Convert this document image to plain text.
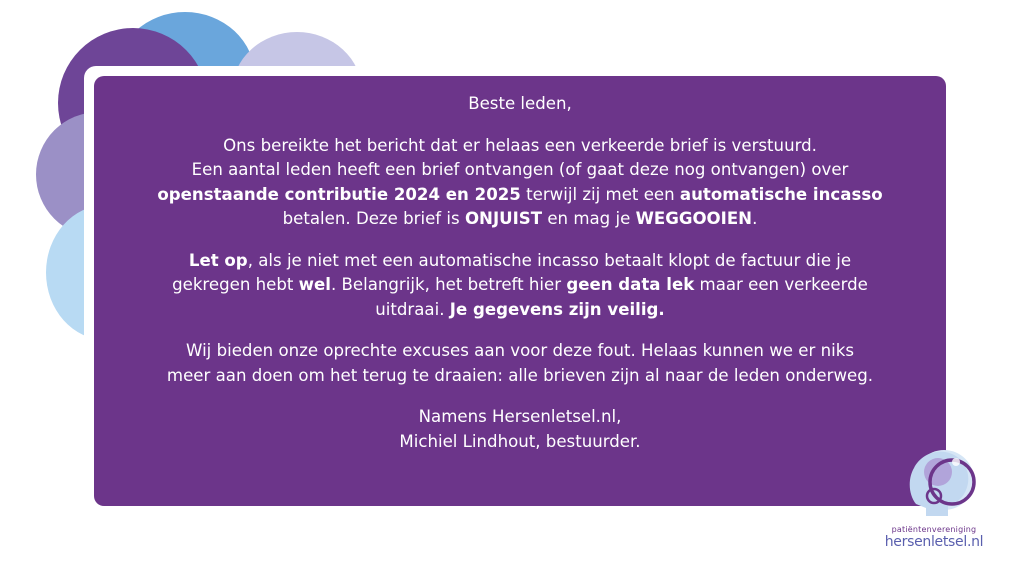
Beste leden,

Ons bereikte het bericht dat er helaas een verkeerde brief is verstuurd.
Een aantal leden heeft een brief ontvangen (of gaat deze nog ontvangen) over
openstaande contributie 2024 en 2025 terwijl zij met een automatische incasso
betalen. Deze brief is ONJUIST en mag je WEGGOOIEN.

Let op, als je niet met een automatische incasso betaalt klopt de factuur die je
gekregen hebt wel. Belangrijk, het betreft hier geen data lek maar een verkeerde
uitdraai. Je gegevens zijn veilig.

Wij bieden onze oprechte excuses aan voor deze fout. Helaas kunnen we er niks
meer aan doen om het terug te draaien: alle brieven zijn al naar de leden onderweg.

Namens Hersenletsel.nl,
Michiel Lindhout, bestuurder.

patiëntenvereniging
hersenletsel.nl
